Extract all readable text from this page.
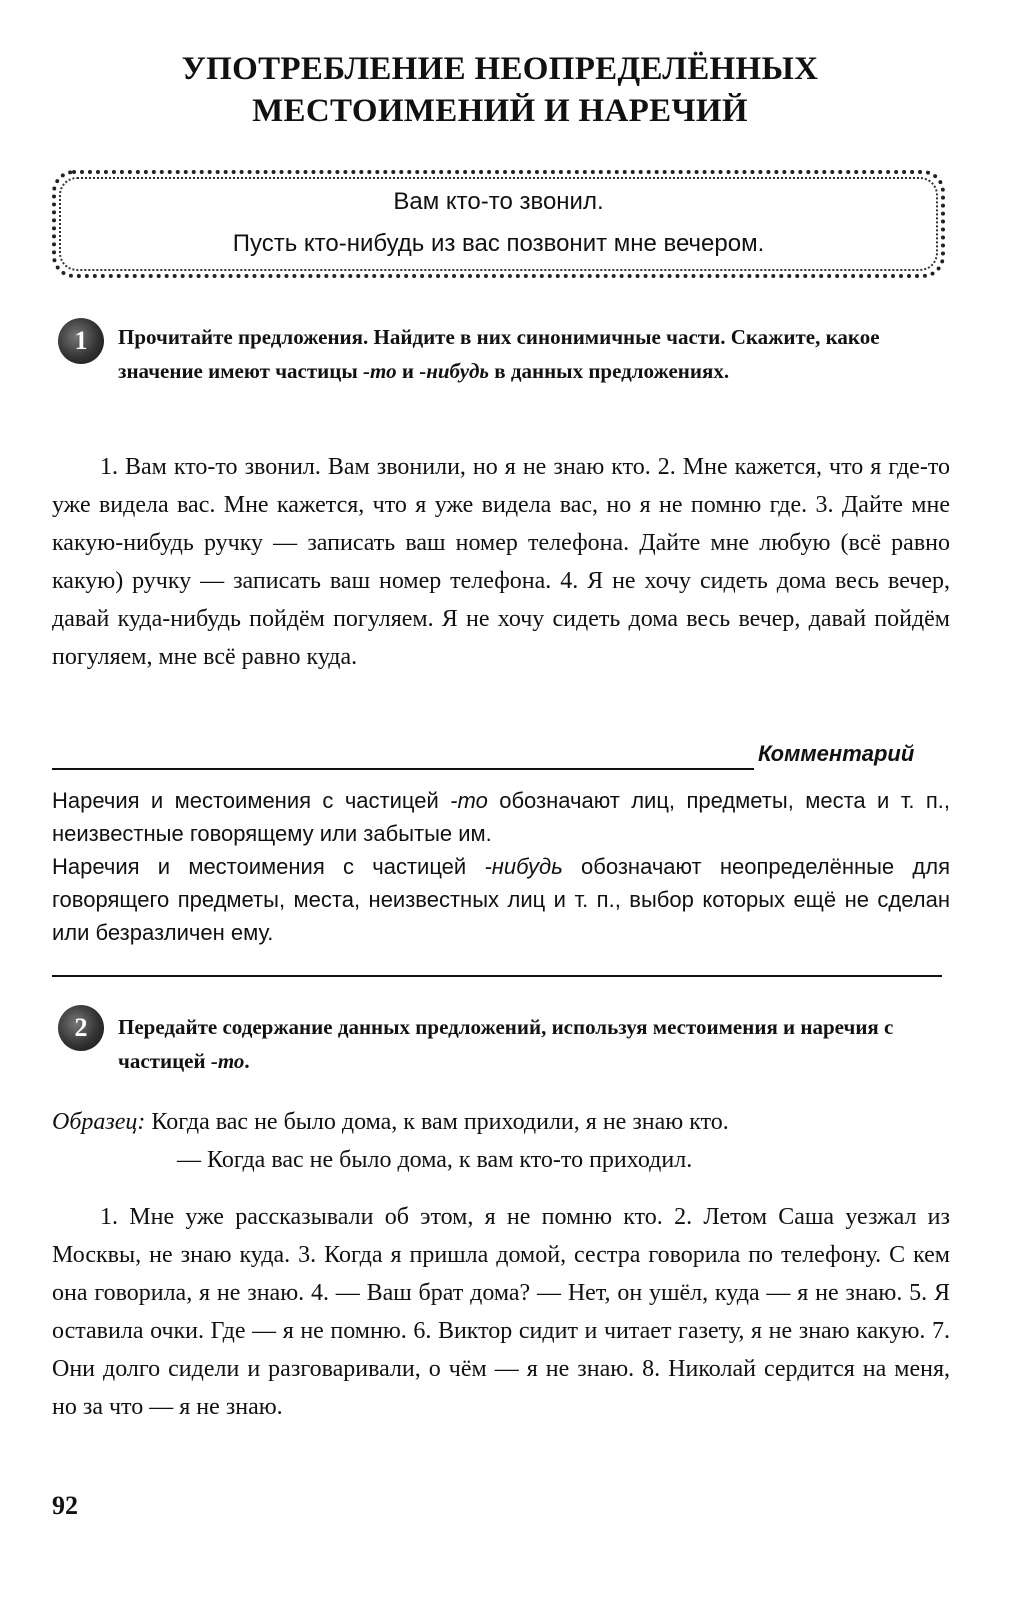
УПОТРЕБЛЕНИЕ НЕОПРЕДЕЛЁННЫХ
МЕСТОИМЕНИЙ И НАРЕЧИЙ
Вам кто-то звонил.
Пусть кто-нибудь из вас позвонит мне вечером.
1	Прочитайте предложения. Найдите в них синонимичные части. Скажите, какое значение имеют частицы -то и -нибудь в данных предложениях.
1. Вам кто-то звонил. Вам звонили, но я не знаю кто. 2. Мне кажется, что я где-то уже видела вас. Мне кажется, что я уже видела вас, но я не помню где. 3. Дайте мне какую-нибудь ручку — записать ваш номер телефона. Дайте мне любую (всё равно какую) ручку — записать ваш номер телефона. 4. Я не хочу сидеть дома весь вечер, давай куда-нибудь пойдём погуляем. Я не хочу сидеть дома весь вечер, давай пойдём погуляем, мне всё равно куда.
Комментарий
Наречия и местоимения с частицей -то обозначают лиц, предметы, места и т. п., неизвестные говорящему или забытые им.
Наречия и местоимения с частицей -нибудь обозначают неопределённые для говорящего предметы, места, неизвестных лиц и т. п., выбор которых ещё не сделан или безразличен ему.
2	Передайте содержание данных предложений, используя местоимения и наречия с частицей -то.
Образец: Когда вас не было дома, к вам приходили, я не знаю кто.
— Когда вас не было дома, к вам кто-то приходил.
1. Мне уже рассказывали об этом, я не помню кто. 2. Летом Саша уезжал из Москвы, не знаю куда. 3. Когда я пришла домой, сестра говорила по телефону. С кем она говорила, я не знаю. 4. — Ваш брат дома? — Нет, он ушёл, куда — я не знаю. 5. Я оставила очки. Где — я не помню. 6. Виктор сидит и читает газету, я не знаю какую. 7. Они долго сидели и разговаривали, о чём — я не знаю. 8. Николай сердится на меня, но за что — я не знаю.
92
